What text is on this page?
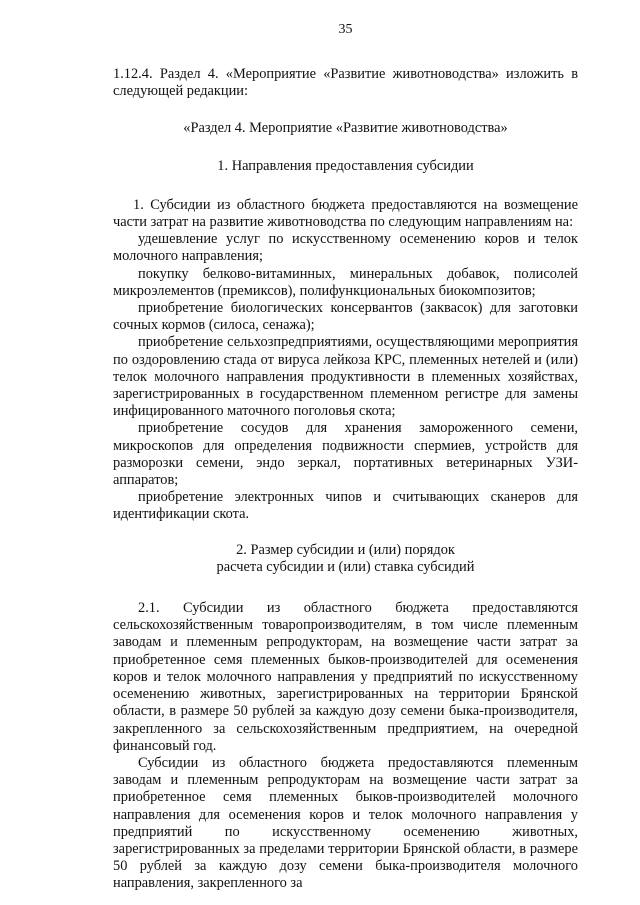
35

1.12.4. Раздел 4. «Мероприятие «Развитие животноводства» изложить в следующей редакции:

«Раздел 4. Мероприятие «Развитие животноводства»

1. Направления предоставления субсидии

1. Субсидии из областного бюджета предоставляются на возмещение части затрат на развитие животноводства по следующим направлениям на:

удешевление услуг по искусственному осеменению коров и телок молочного направления;

покупку белково-витаминных, минеральных добавок, полисолей микроэлементов (премиксов), полифункциональных биокомпозитов;

приобретение биологических консервантов (заквасок) для заготовки сочных кормов (силоса, сенажа);

приобретение сельхозпредприятиями, осуществляющими мероприятия по оздоровлению стада от вируса лейкоза КРС, племенных нетелей и (или) телок молочного направления продуктивности в племенных хозяйствах, зарегистрированных в государственном племенном регистре для замены инфицированного маточного поголовья скота;

приобретение сосудов для хранения замороженного семени, микроскопов для определения подвижности спермиев, устройств для разморозки семени, эндо зеркал, портативных ветеринарных УЗИ-аппаратов;

приобретение электронных чипов и считывающих сканеров для идентификации скота.

2. Размер субсидии и (или) порядок

расчета субсидии и (или) ставка субсидий

2.1. Субсидии из областного бюджета предоставляются сельскохозяйственным товаропроизводителям, в том числе племенным заводам и племенным репродукторам, на возмещение части затрат за приобретенное семя племенных быков-производителей для осеменения коров и телок молочного направления у предприятий по искусственному осеменению животных, зарегистрированных на территории Брянской области, в размере 50 рублей за каждую дозу семени быка-производителя, закрепленного за сельскохозяйственным предприятием, на очередной финансовый год.

Субсидии из областного бюджета предоставляются племенным заводам и племенным репродукторам на возмещение части затрат за приобретенное семя племенных быков-производителей молочного направления для осеменения коров и телок молочного направления у предприятий по искусственному осеменению животных, зарегистрированных за пределами территории Брянской области, в размере 50 рублей за каждую дозу семени быка-производителя молочного направления, закрепленного за
